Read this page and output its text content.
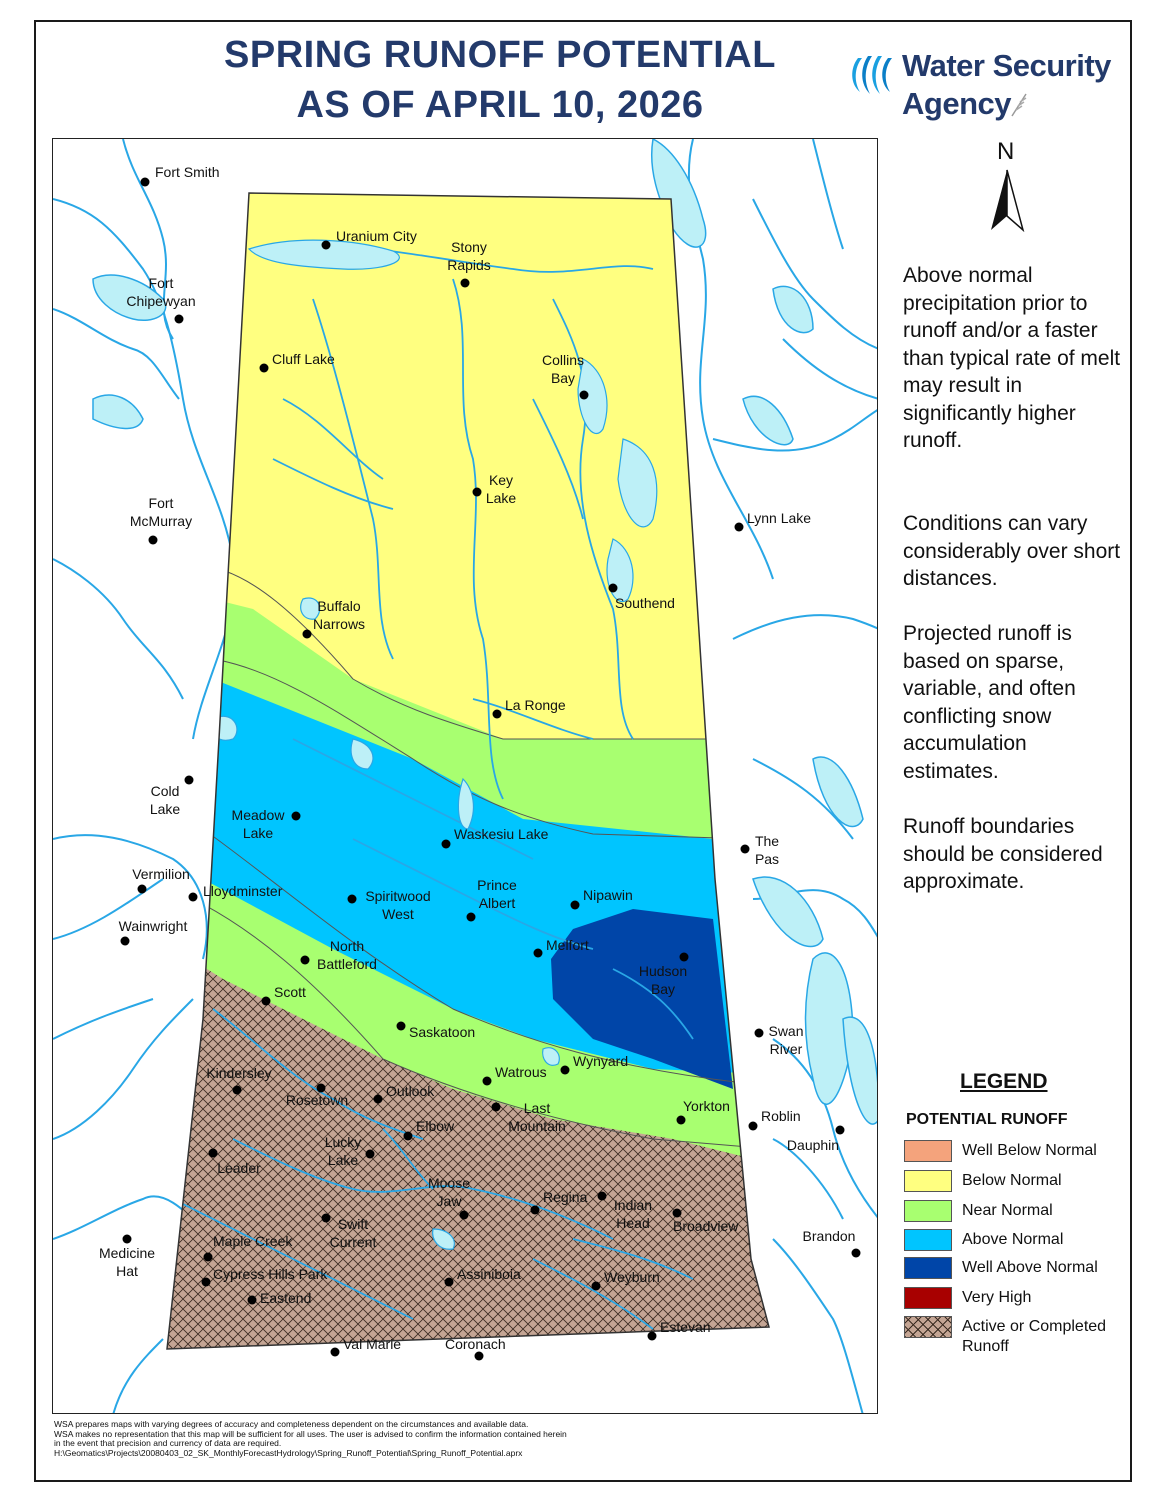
SPRING RUNOFF POTENTIAL
AS OF APRIL 10, 2026
Water Security
Agency
Fort Smith
Uranium City
Stony
Rapids
Fort
Chipewyan
Cluff Lake	Collins
Bay
Key
Lake
Fort
McMurray	Lynn Lake
Southend
Buffalo
Narrows
La Ronge
Cold
Lake	Meadow
Lake	Waskesiu Lake	The
Pas
Vermilion
Lloydminster	Spiritwood
West
Prince
Albert	Nipawin
Wainwright
North
Battleford
Melfort
Hudson
Bay
Scott
Saskatoon	Swan
River
Wynyard
Kindersley	Watrous
Rosetown
Outlook
Last
Mountain
Yorkton
Roblin
Elbow
Dauphin
Lucky
Lake
Leader
Moose
Jaw	Regina Indian
Head
Swift
Current
Broadview
Brandon
Maple Creek
Medicine
Hat	Cypress Hills Park	Assiniboia	Weyburn
Eastend
Estevan
Val Marie	Coronach
N
Above normal precipitation prior to runoff and/or a faster than typical rate of melt may result in significantly higher runoff.
Conditions can vary considerably over short distances.
Projected runoff is based on sparse, variable, and often conflicting snow accumulation estimates.
Runoff boundaries should be considered approximate.
LEGEND
POTENTIAL RUNOFF
Well Below Normal
Below Normal
Near Normal
Above Normal
Well Above Normal
Very High
Active or Completed Runoff
WSA prepares maps with varying degrees of accuracy and completeness dependent on the circumstances and available data.
WSA makes no representation that this map will be sufficient for all uses. The user is advised to confirm the information contained herein
in the event that precision and currency of data are required.
H:\Geomatics\Projects\20080403_02_SK_MonthlyForecastHydrology\Spring_Runoff_Potential\Spring_Runoff_Potential.aprx
